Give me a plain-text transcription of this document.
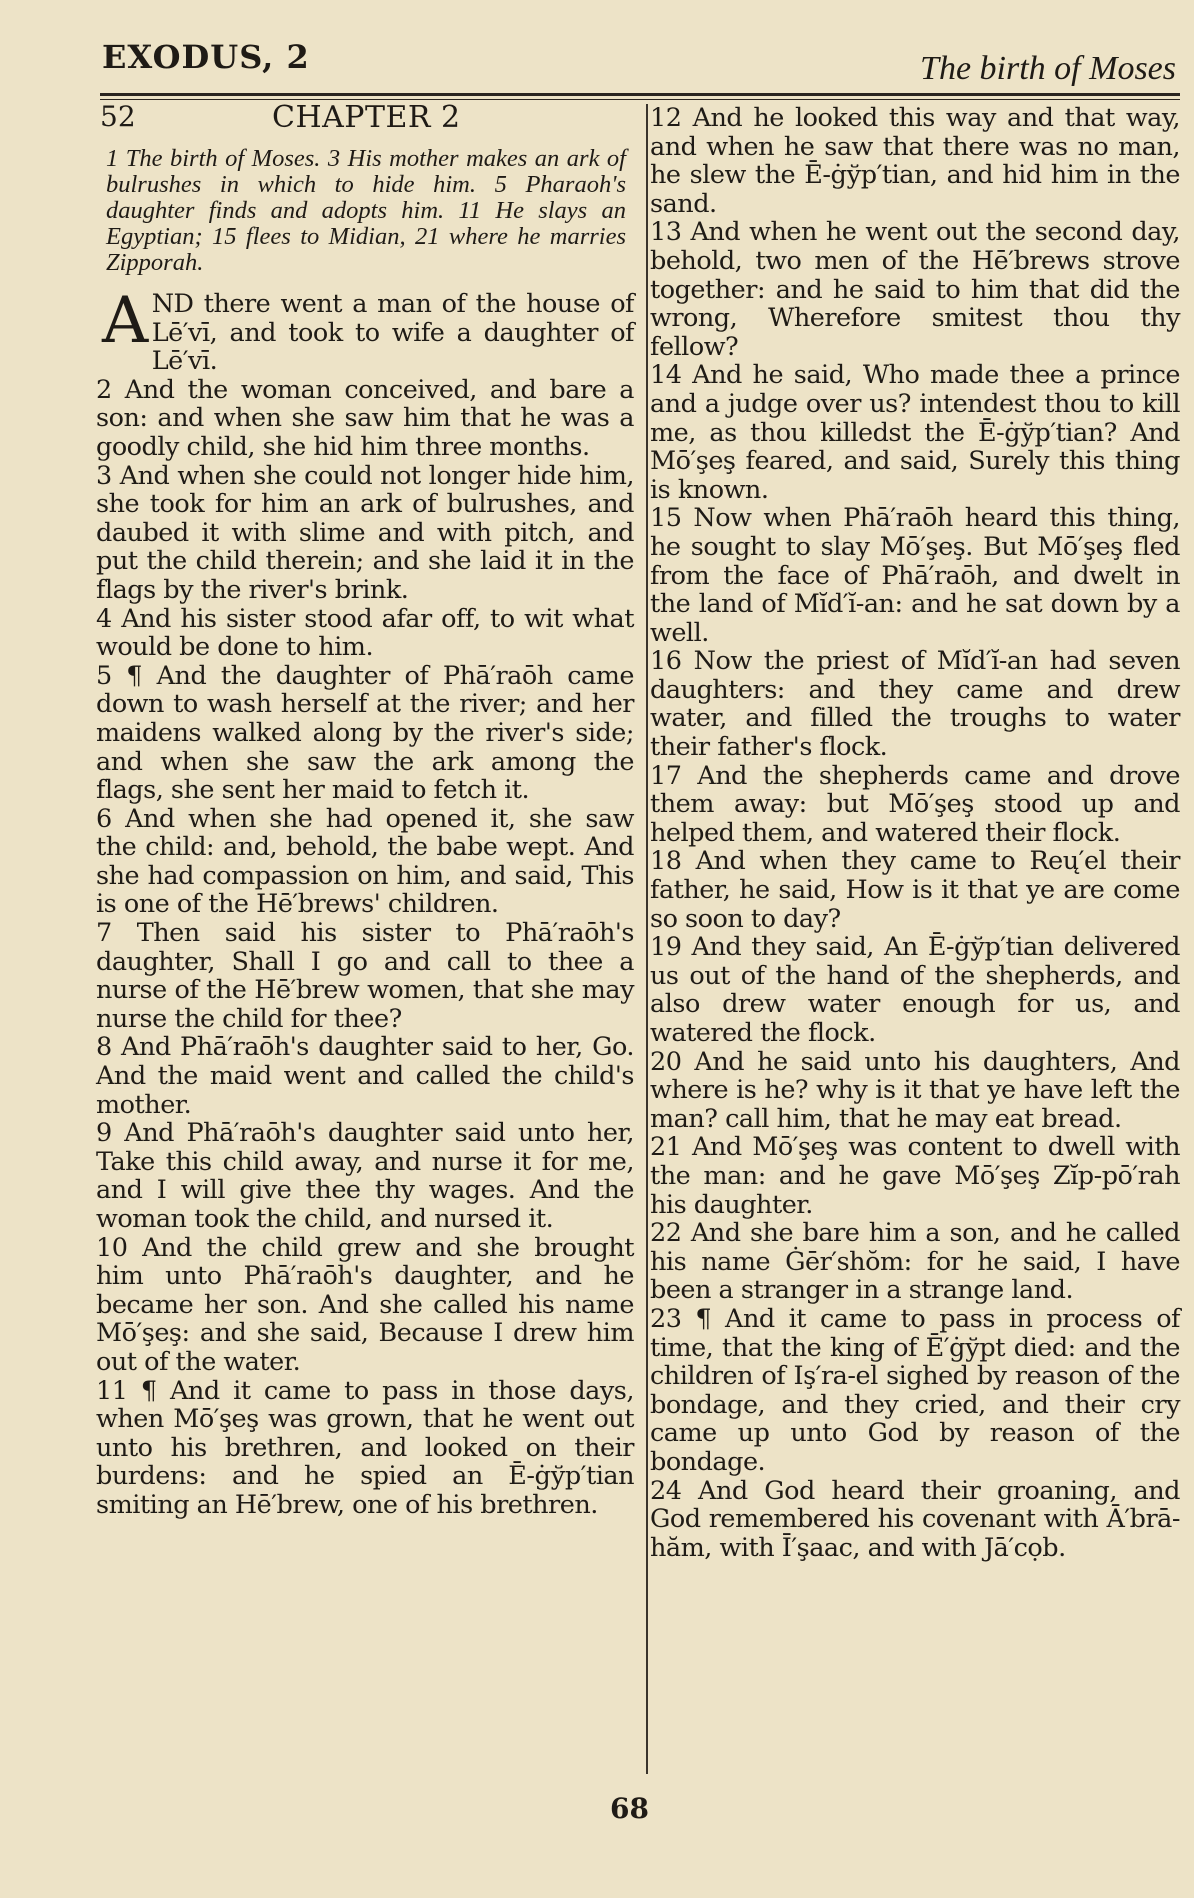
EXODUS, 2	The birth of Moses
52	CHAPTER 2
1 The birth of Moses. 3 His mother makes an ark of bulrushes in which to hide him. 5 Pharaoh's daughter finds and adopts him. 11 He slays an Egyptian; 15 flees to Midian, 21 where he marries Zipporah.

AND there went a man of the house of Lē′vī, and took to wife a daughter of Lē′vī.

2 And the woman conceived, and bare a son: and when she saw him that he was a goodly child, she hid him three months.

3 And when she could not longer hide him, she took for him an ark of bulrushes, and daubed it with slime and with pitch, and put the child therein; and she laid it in the flags by the river's brink.

4 And his sister stood afar off, to wit what would be done to him.

5 ¶ And the daughter of Phā′raōh came down to wash herself at the river; and her maidens walked along by the river's side; and when she saw the ark among the flags, she sent her maid to fetch it.

6 And when she had opened it, she saw the child: and, behold, the babe wept. And she had compassion on him, and said, This is one of the Hē′brews' children.

7 Then said his sister to Phā′raōh's daughter, Shall I go and call to thee a nurse of the Hē′brew women, that she may nurse the child for thee?

8 And Phā′raōh's daughter said to her, Go. And the maid went and called the child's mother.

9 And Phā′raōh's daughter said unto her, Take this child away, and nurse it for me, and I will give thee thy wages. And the woman took the child, and nursed it.

10 And the child grew and she brought him unto Phā′raōh's daughter, and he became her son. And she called his name Mō′şeş: and she said, Because I drew him out of the water.

11 ¶ And it came to pass in those days, when Mō′şeş was grown, that he went out unto his brethren, and looked on their burdens: and he spied an Ē-ġўp′tian smiting an Hē′brew, one of his brethren.

12 And he looked this way and that way, and when he saw that there was no man, he slew the Ē-ġўp′tian, and hid him in the sand.

13 And when he went out the second day, behold, two men of the Hē′brews strove together: and he said to him that did the wrong, Wherefore smitest thou thy fellow?

14 And he said, Who made thee a prince and a judge over us? intendest thou to kill me, as thou killedst the Ē-ġўp′tian? And Mō′şeş feared, and said, Surely this thing is known.

15 Now when Phā′raōh heard this thing, he sought to slay Mō′şeş. But Mō′şeş fled from the face of Phā′raōh, and dwelt in the land of Mĭd′ĭ-an: and he sat down by a well.

16 Now the priest of Mĭd′ĭ-an had seven daughters: and they came and drew water, and filled the troughs to water their father's flock.

17 And the shepherds came and drove them away: but Mō′şeş stood up and helped them, and watered their flock.

18 And when they came to Reų′el their father, he said, How is it that ye are come so soon to day?

19 And they said, An Ē-ġўp′tian delivered us out of the hand of the shepherds, and also drew water enough for us, and watered the flock.

20 And he said unto his daughters, And where is he? why is it that ye have left the man? call him, that he may eat bread.

21 And Mō′şeş was content to dwell with the man: and he gave Mō′şeş Zĭp-pō′rah his daughter.

22 And she bare him a son, and he called his name Ġēr′shŏm: for he said, I have been a stranger in a strange land.

23 ¶ And it came to pass in process of time, that the king of Ē′ġўpt died: and the children of Iş′ra-el sighed by reason of the bondage, and they cried, and their cry came up unto God by reason of the bondage.

24 And God heard their groaning, and God remembered his covenant with Ā′brā-hăm, with Ī′şaac, and with Jā′cọb.

68
